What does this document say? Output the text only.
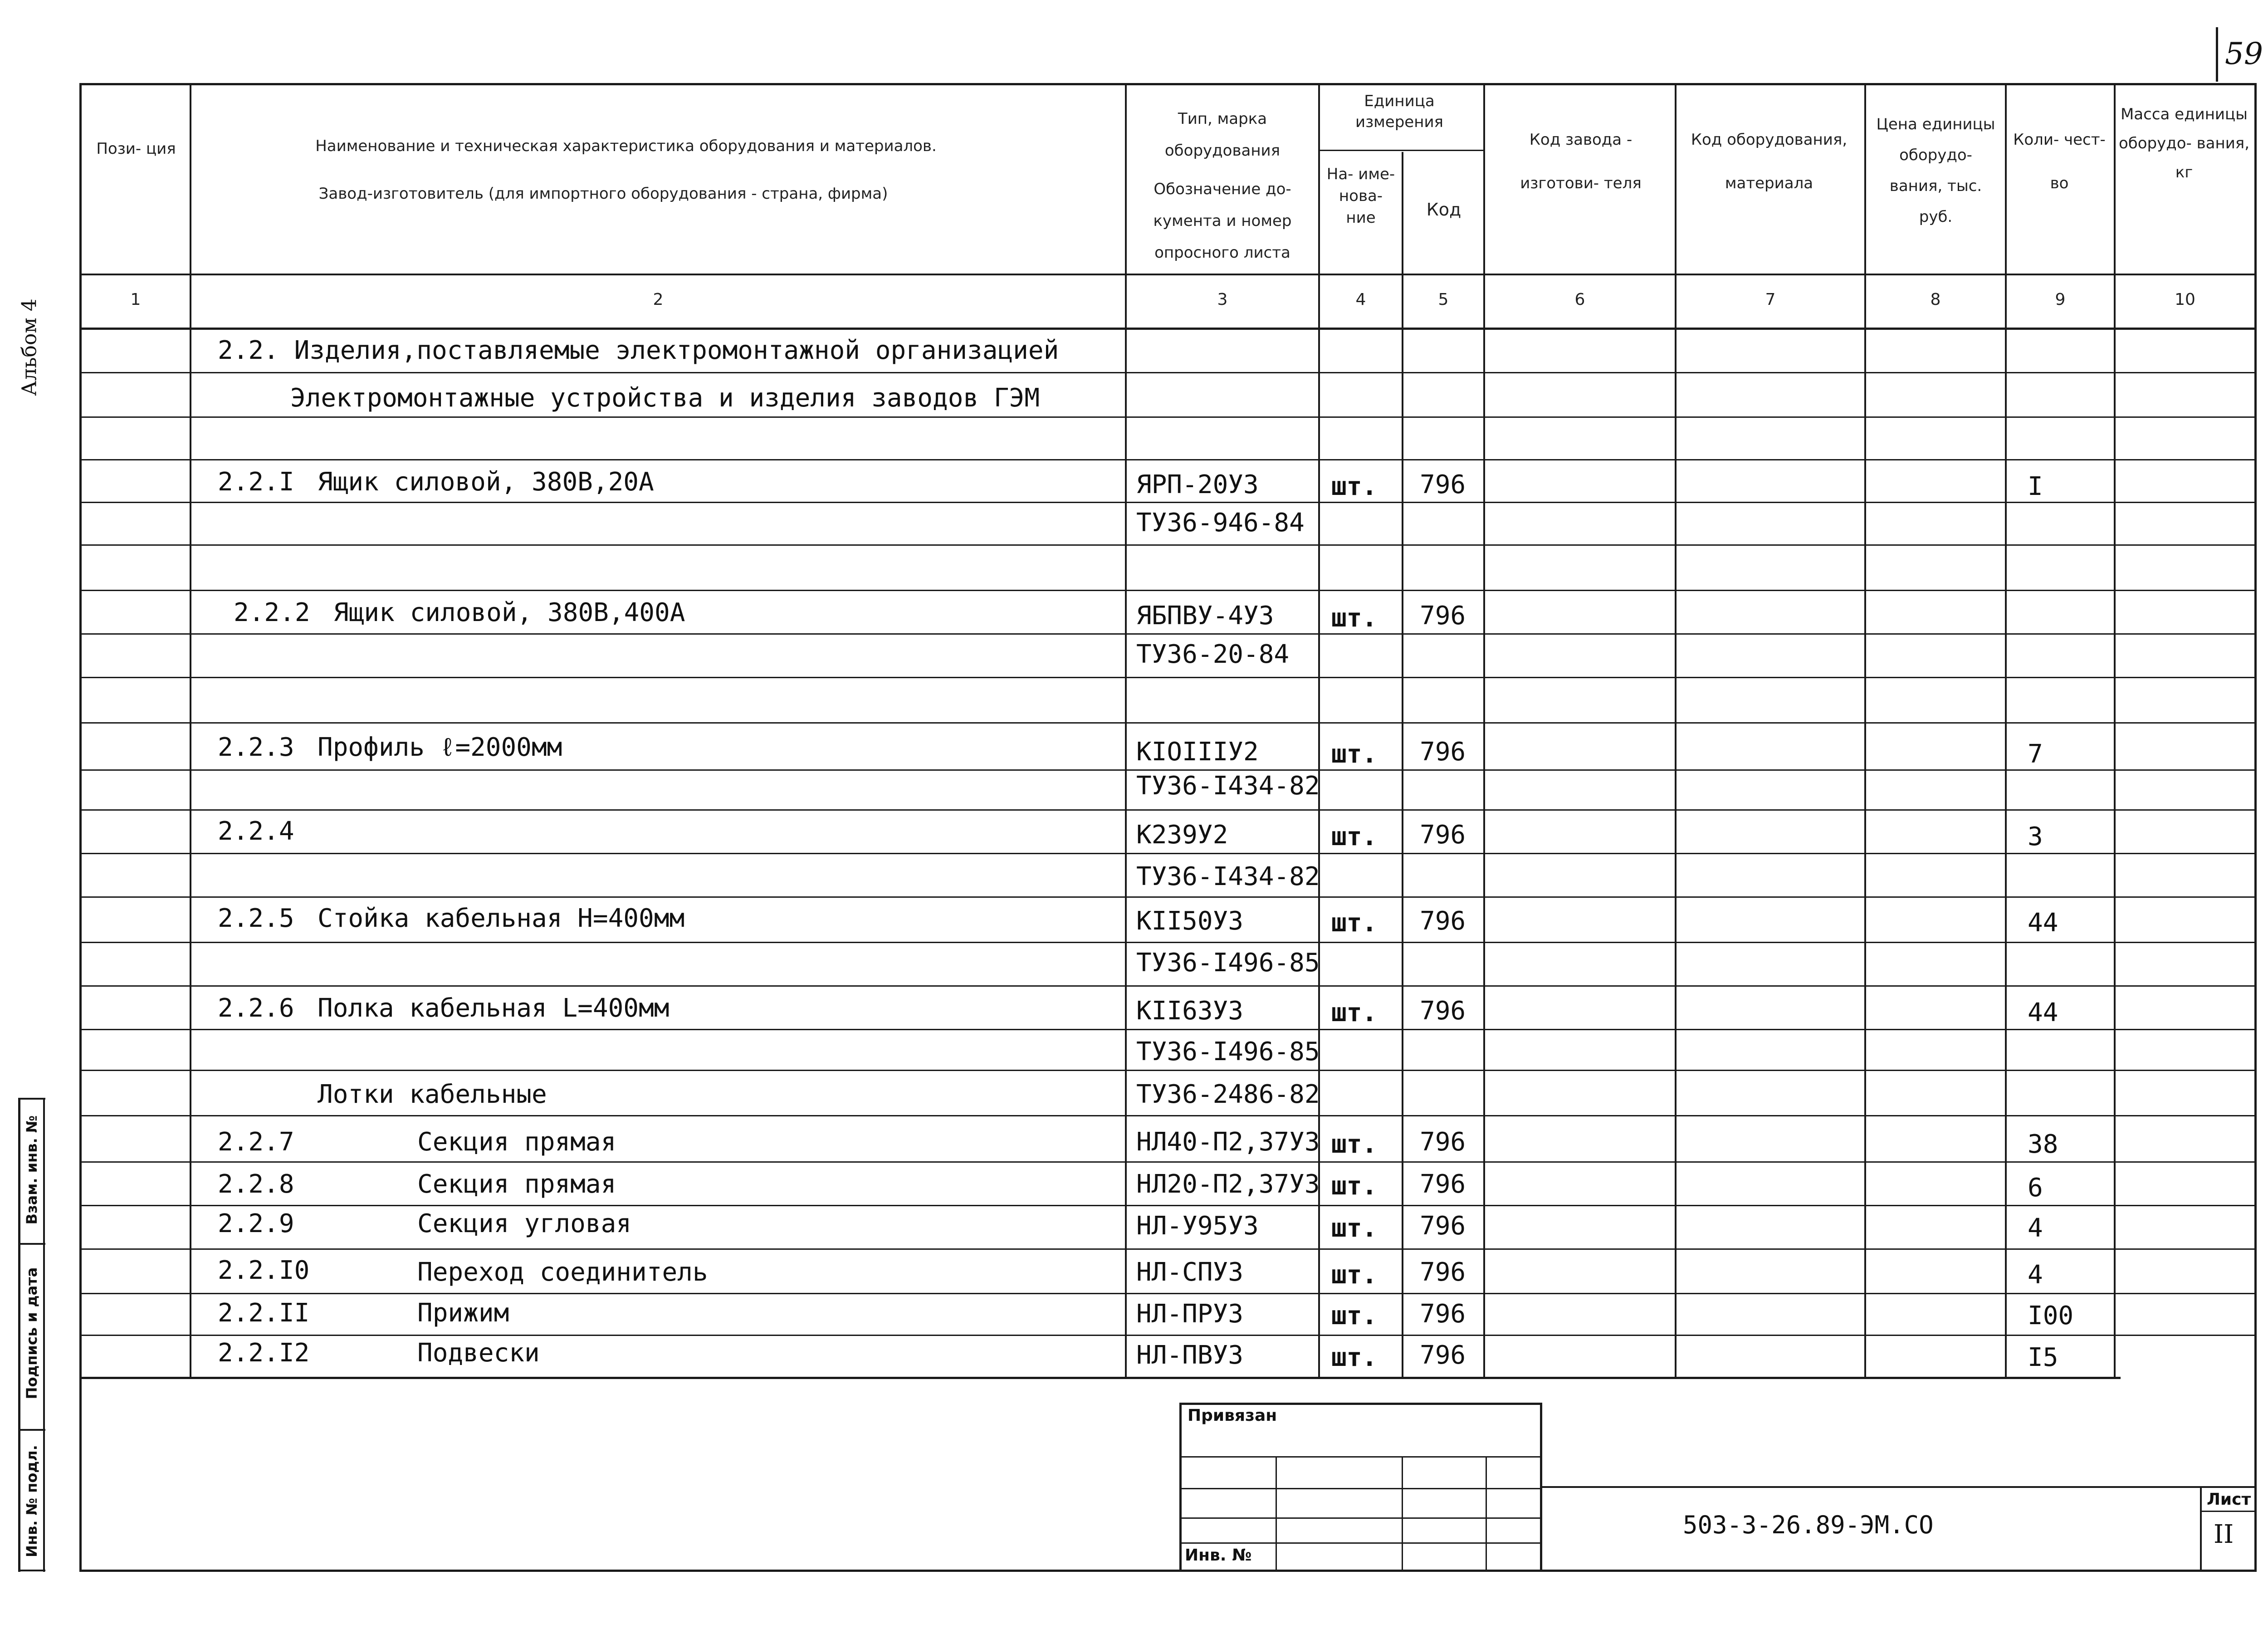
59
Альбом 4
Пози- ция	Наименование и техническая характеристика оборудования и материалов.
Завод-изготовитель (для импортного оборудования - страна, фирма)
Тип, марка
оборудования
Обозначение до-
кумента и номер
опросного листа
Единица измерения
На- име- нова- ние	Код
Код завода - изготови- теля
Код оборудования, материала
Цена единицы оборудо- вания, тыс. руб.
Коли- чест- во
Масса единицы оборудо- вания, кг
1	2	3	4	5	6	7	8	9	10
2.2. Изделия,поставляемые электромонтажной организацией
Электромонтажные устройства и изделия заводов ГЭМ
2.2.I Ящик силовой, 380В,20А	ЯРП-20У3	шт. 796	I
ТУ36-946-84
2.2.2 Ящик силовой, 380В,400А	ЯБПВУ-4У3 шт. 796
ТУ36-20-84
2.2.3 Профиль ℓ=2000мм	КIОIIIУ2	шт. 796	7
ТУ36-I434-82
2.2.4	К239У2	шт. 796	3
ТУ36-I434-82
2.2.5 Стойка кабельная Н=400мм	КII50У3	шт. 796	44
ТУ36-I496-85
2.2.6 Полка кабельная L=400мм	КII63У3	шт. 796	44
ТУ36-I496-85
Лотки кабельные	ТУ36-2486-82
2.2.7	Секция прямая	НЛ40-П2,37У3 шт. 796	38
2.2.8	Секция прямая	НЛ20-П2,37У3 шт. 796	6
2.2.9	Секция угловая	НЛ-У95У3	шт. 796	4
2.2.I0	Переход соединитель	НЛ-СПУ3	шт. 796	4
2.2.II	Прижим	НЛ-ПРУ3	шт. 796	I00
2.2.I2	Подвески	НЛ-ПВУ3	шт. 796	I5
Привязан
Инв. №
503-3-26.89-ЭМ.СО
Лист
II
Взам. инв. №
Подпись и дата
Инв. № подл.
